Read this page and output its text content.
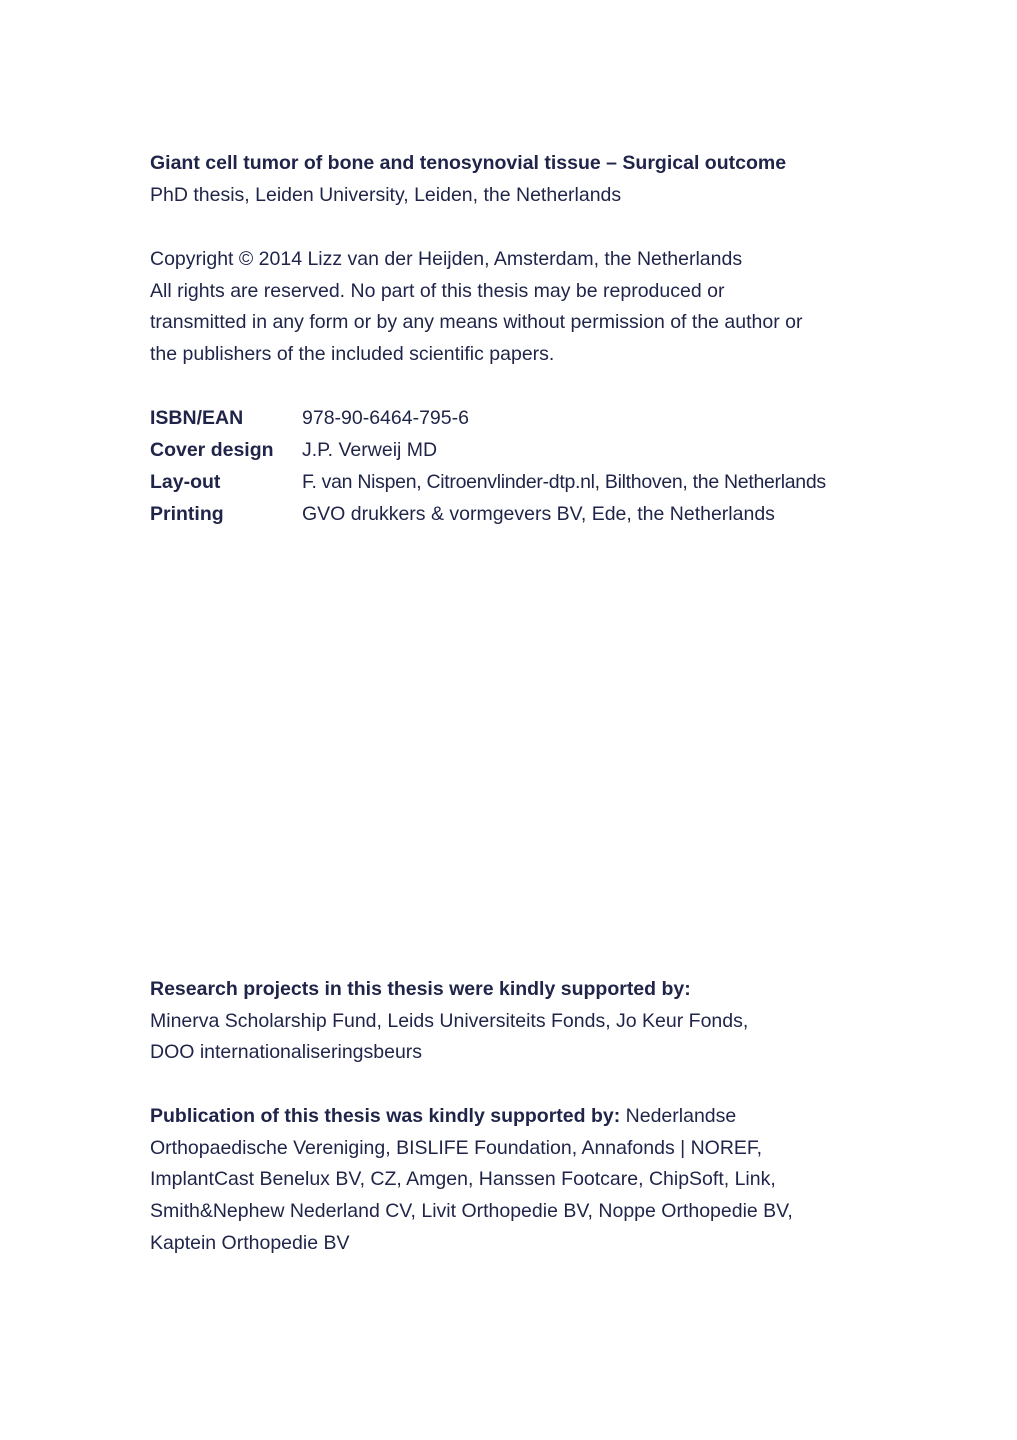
Giant cell tumor of bone and tenosynovial tissue – Surgical outcome

PhD thesis, Leiden University, Leiden, the Netherlands

Copyright © 2014 Lizz van der Heijden, Amsterdam, the Netherlands

All rights are reserved. No part of this thesis may be reproduced or

transmitted in any form or by any means without permission of the author or

the publishers of the included scientific papers.

ISBN/EAN	978-90-6464-795-6
Cover design	J.P. Verweij MD
Lay-out	F. van Nispen, Citroenvlinder-dtp.nl, Bilthoven, the Netherlands
Printing	GVO drukkers & vormgevers BV, Ede, the Netherlands

Research projects in this thesis were kindly supported by:

Minerva Scholarship Fund, Leids Universiteits Fonds, Jo Keur Fonds,

DOO internationaliseringsbeurs

Publication of this thesis was kindly supported by: Nederlandse

Orthopaedische Vereniging, BISLIFE Foundation, Annafonds | NOREF,

ImplantCast Benelux BV, CZ, Amgen, Hanssen Footcare, ChipSoft, Link,

Smith&Nephew Nederland CV, Livit Orthopedie BV, Noppe Orthopedie BV,

Kaptein Orthopedie BV
